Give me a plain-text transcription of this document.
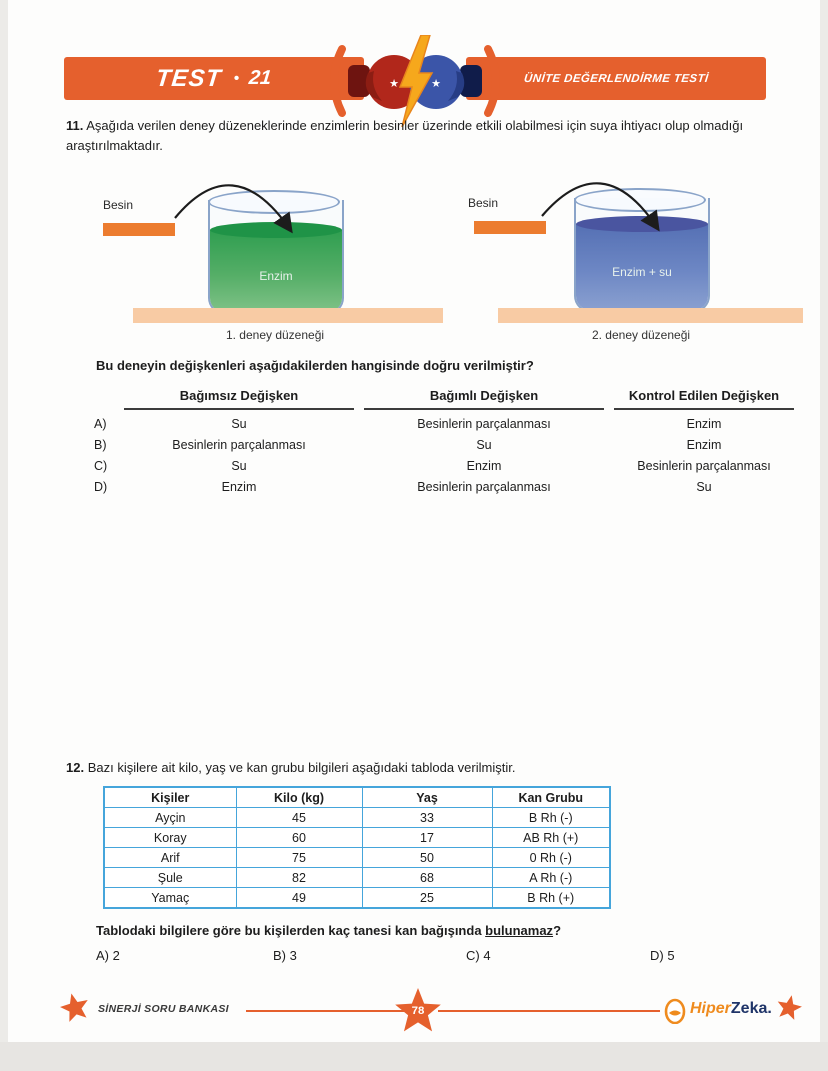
TEST • 21	ÜNİTE DEĞERLENDİRME TESTİ
★	★
11. Aşağıda verilen deney düzeneklerinde enzimlerin besinler üzerinde etkili olabilmesi için suya ihtiyacı olup olmadığı araştırılmaktadır.
Besin
Enzim
1. deney düzeneği
Besin
Enzim + su
2. deney düzeneği
Bu deneyin değişkenleri aşağıdakilerden hangisinde doğru verilmiştir?
Bağımsız Değişken	Bağımlı Değişken	Kontrol Edilen Değişken
A)	Su	Besinlerin parçalanması	Enzim
B)	Besinlerin parçalanması	Su	Enzim
C)	Su	Enzim	Besinlerin parçalanması
D)	Enzim	Besinlerin parçalanması	Su
12. Bazı kişilere ait kilo, yaş ve kan grubu bilgileri aşağıdaki tabloda verilmiştir.
Kişiler	Kilo (kg)	Yaş	Kan Grubu
Ayçin	45	33	B Rh (-)
Koray	60	17	AB Rh (+)
Arif	75	50	0 Rh (-)
Şule	82	68	A Rh (-)
Yamaç	49	25	B Rh (+)
Tablodaki bilgilere göre bu kişilerden kaç tanesi kan bağışında bulunamaz?
A) 2	B) 3	C) 4	D) 5
SİNERJİ SORU BANKASI	78	HiperZeka.
